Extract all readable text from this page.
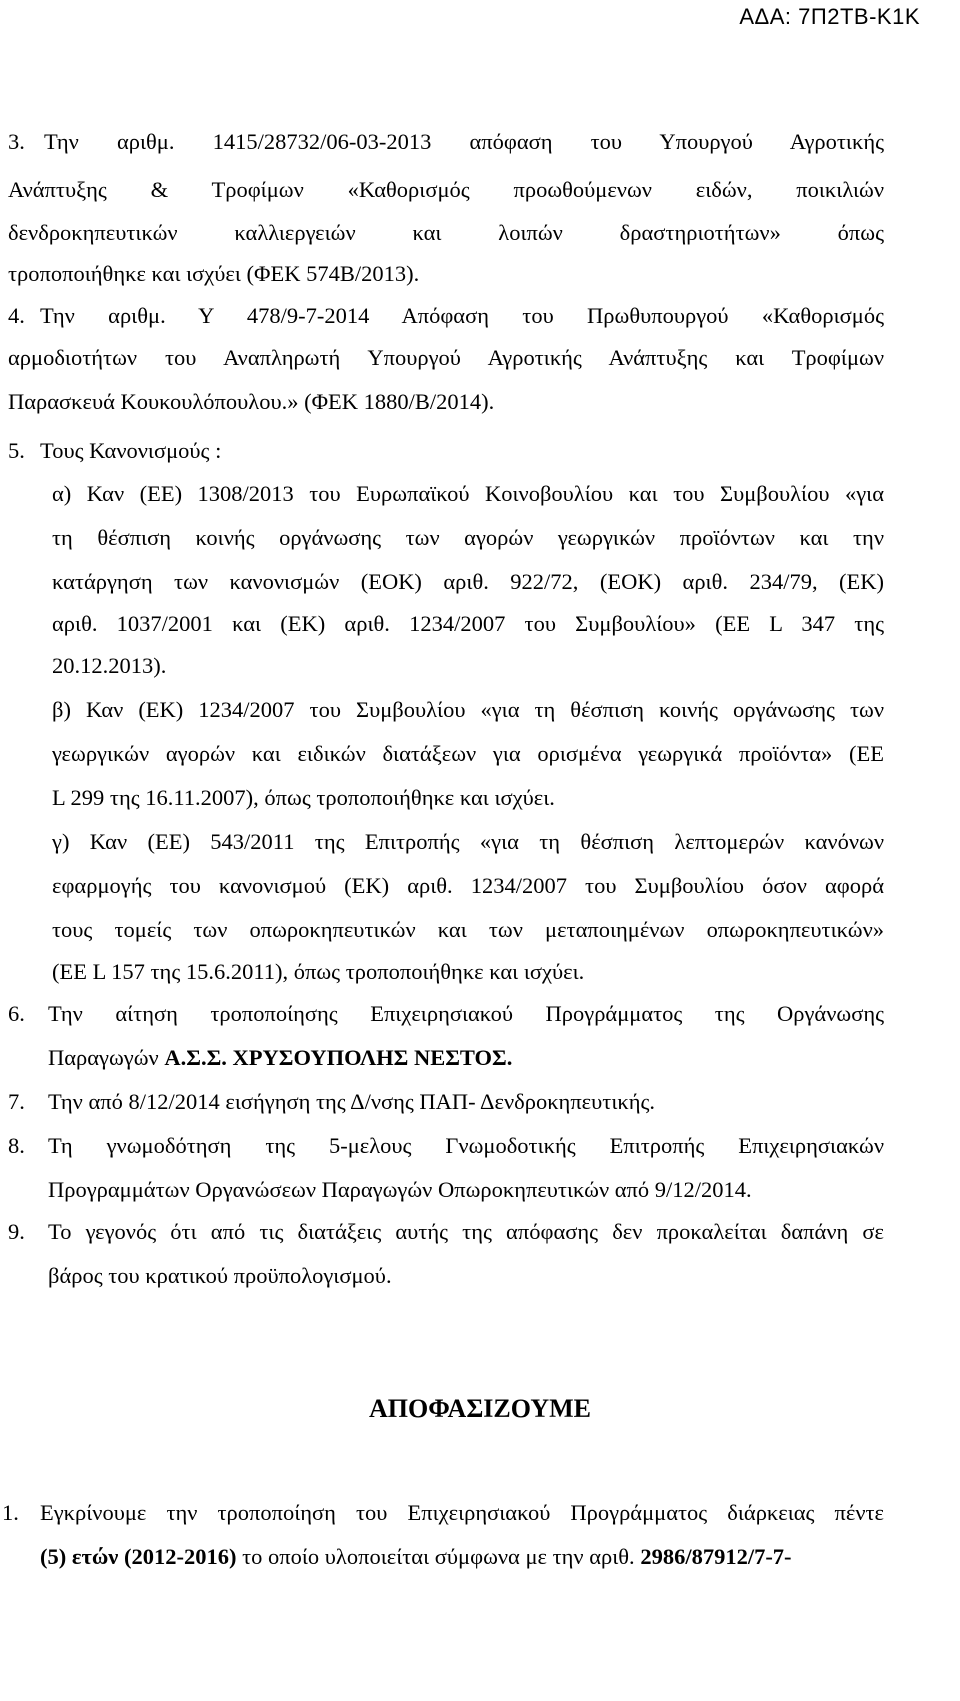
ΑΔΑ: 7Π2ΤΒ-Κ1Κ
3. Την αριθμ. 1415/28732/06-03-2013 απόφαση του Υπουργού Αγροτικής
Ανάπτυξης & Τροφίμων «Καθορισμός προωθούμενων ειδών, ποικιλιών
δενδροκηπευτικών καλλιεργειών και λοιπών δραστηριοτήτων» όπως
τροποποιήθηκε και ισχύει (ΦΕΚ 574Β/2013).
4. Την αριθμ. Υ 478/9-7-2014 Απόφαση του Πρωθυπουργού «Καθορισμός
αρμοδιοτήτων του Αναπληρωτή Υπουργού Αγροτικής Ανάπτυξης και Τροφίμων
Παρασκευά Κουκουλόπουλου.» (ΦΕΚ 1880/Β/2014).
5. Τους Κανονισμούς :
α) Καν (ΕΕ) 1308/2013 του Ευρωπαϊκού Κοινοβουλίου και του Συμβουλίου «για
τη θέσπιση κοινής οργάνωσης των αγορών γεωργικών προϊόντων και την
κατάργηση των κανονισμών (ΕΟΚ) αριθ. 922/72, (ΕΟΚ) αριθ. 234/79, (ΕΚ)
αριθ. 1037/2001 και (ΕΚ) αριθ. 1234/2007 του Συμβουλίου» (ΕΕ L 347 της
20.12.2013).
β) Καν (ΕΚ) 1234/2007 του Συμβουλίου «για τη θέσπιση κοινής οργάνωσης των
γεωργικών αγορών και ειδικών διατάξεων για ορισμένα γεωργικά προϊόντα» (ΕΕ
L 299 της 16.11.2007), όπως τροποποιήθηκε και ισχύει.
γ) Καν (ΕΕ) 543/2011 της Επιτροπής «για τη θέσπιση λεπτομερών κανόνων
εφαρμογής του κανονισμού (ΕΚ) αριθ. 1234/2007 του Συμβουλίου όσον αφορά
τους τομείς των οπωροκηπευτικών και των μεταποιημένων οπωροκηπευτικών»
(ΕΕ L 157 της 15.6.2011), όπως τροποποιήθηκε και ισχύει.
6. Την αίτηση τροποποίησης Επιχειρησιακού Προγράμματος της Οργάνωσης
Παραγωγών Α.Σ.Σ. ΧΡΥΣΟΥΠΟΛΗΣ ΝΕΣΤΟΣ.
7. Την από 8/12/2014 εισήγηση της Δ/νσης ΠΑΠ- Δενδροκηπευτικής.
8. Τη γνωμοδότηση της 5-μελους Γνωμοδοτικής Επιτροπής Επιχειρησιακών
Προγραμμάτων Οργανώσεων Παραγωγών Οπωροκηπευτικών από 9/12/2014.
9. Το γεγονός ότι από τις διατάξεις αυτής της απόφασης δεν προκαλείται δαπάνη σε
βάρος του κρατικού προϋπολογισμού.
ΑΠΟΦΑΣΙΖΟΥΜΕ
1. Εγκρίνουμε την τροποποίηση του Επιχειρησιακού Προγράμματος διάρκειας πέντε
(5) ετών (2012-2016) το οποίο υλοποιείται σύμφωνα με την αριθ. 2986/87912/7-7-
